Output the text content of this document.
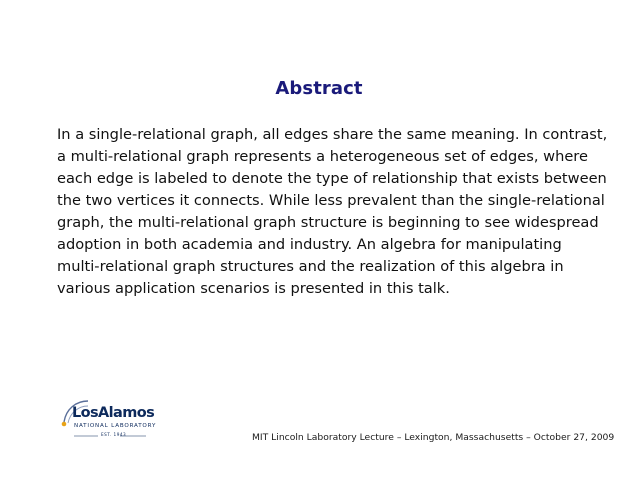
Abstract
In a single-relational graph, all edges share the same meaning. In contrast,
a multi-relational graph represents a heterogeneous set of edges, where
each edge is labeled to denote the type of relationship that exists between
the two vertices it connects. While less prevalent than the single-relational
graph, the multi-relational graph structure is beginning to see widespread
adoption in both academia and industry. An algebra for manipulating
multi-relational graph structures and the realization of this algebra in
various application scenarios is presented in this talk.
LosAlamos
NATIONAL LABORATORY
EST. 1943	MIT Lincoln Laboratory Lecture – Lexington, Massachusetts – October 27, 2009
